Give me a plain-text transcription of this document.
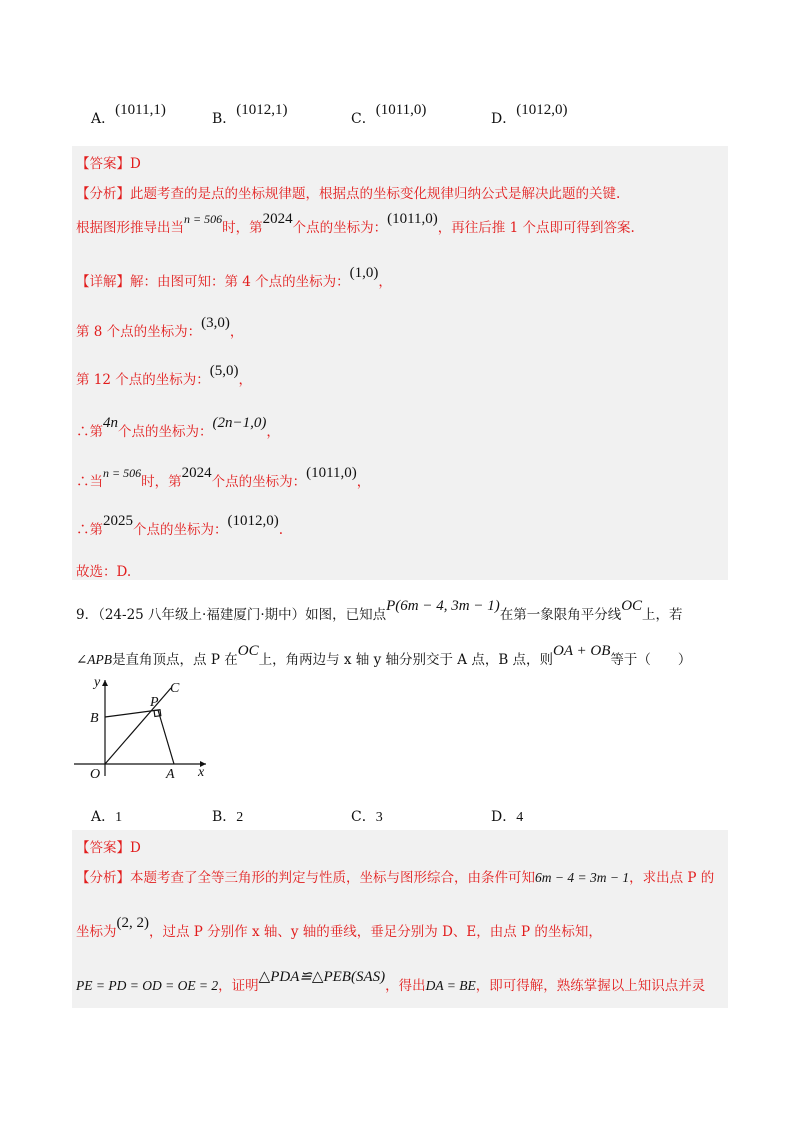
A．(1011,1)
B．(1012,1)
C．(1011,0)
D．(1012,0)
【答案】D
【分析】此题考查的是点的坐标规律题，根据点的坐标变化规律归纳公式是解决此题的关键.
根据图形推导出当n = 506时，第2024个点的坐标为：(1011,0)，再往后推 1 个点即可得到答案.
【详解】解：由图可知：第 4 个点的坐标为：(1,0)，
第 8 个点的坐标为：(3,0)，
第 12 个点的坐标为：(5,0)，
∴第4n个点的坐标为：(2n−1,0)，
∴当n = 506时，第2024个点的坐标为：(1011,0)，
∴第2025个点的坐标为：(1012,0).
故选：D.
9．（24-25 八年级上·福建厦门·期中）如图，已知点P(6m − 4, 3m − 1)在第一象限角平分线OC上，若
∠APB是直角顶点，点 P 在OC上，角两边与 x 轴 y 轴分别交于 A 点，B 点，则OA + OB等于（　　）
y
x
O	A
B
P
C
A．1	B．2	C．3	D．4
【答案】D
【分析】本题考查了全等三角形的判定与性质，坐标与图形综合，由条件可知6m − 4 = 3m − 1，求出点 P 的
坐标为(2, 2)，过点 P 分别作 x 轴、y 轴的垂线，垂足分别为 D、E，由点 P 的坐标知，
PE = PD = OD = OE = 2，证明△PDA≌△PEB(SAS)，得出DA = BE，即可得解，熟练掌握以上知识点并灵
